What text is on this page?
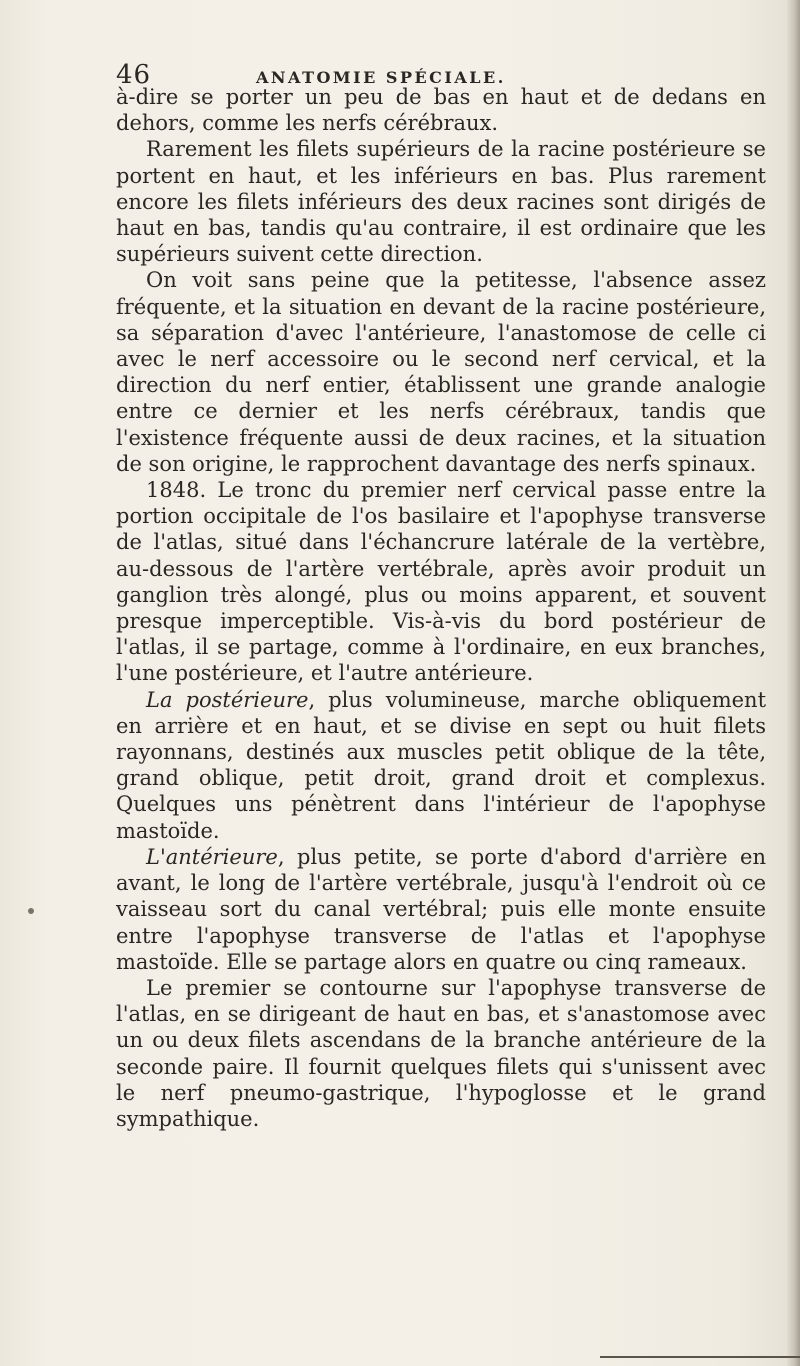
46	ANATOMIE SPÉCIALE.

à-dire se porter un peu de bas en haut et de dedans en dehors, comme les nerfs cérébraux.

Rarement les filets supérieurs de la racine postérieure se portent en haut, et les inférieurs en bas. Plus rarement encore les filets inférieurs des deux racines sont dirigés de haut en bas, tandis qu'au contraire, il est ordinaire que les supérieurs suivent cette direction.

On voit sans peine que la petitesse, l'absence assez fréquente, et la situation en devant de la racine postérieure, sa séparation d'avec l'antérieure, l'anastomose de celle ci avec le nerf accessoire ou le second nerf cervical, et la direction du nerf entier, établissent une grande analogie entre ce dernier et les nerfs cérébraux, tandis que l'existence fréquente aussi de deux racines, et la situation de son origine, le rapprochent davantage des nerfs spinaux.

1848. Le tronc du premier nerf cervical passe entre la portion occipitale de l'os basilaire et l'apophyse transverse de l'atlas, situé dans l'échancrure latérale de la vertèbre, au-dessous de l'artère vertébrale, après avoir produit un ganglion très alongé, plus ou moins apparent, et souvent presque imperceptible. Vis-à-vis du bord postérieur de l'atlas, il se partage, comme à l'ordinaire, en eux branches, l'une postérieure, et l'autre antérieure.

La postérieure, plus volumineuse, marche obliquement en arrière et en haut, et se divise en sept ou huit filets rayonnans, destinés aux muscles petit oblique de la tête, grand oblique, petit droit, grand droit et complexus. Quelques uns pénètrent dans l'intérieur de l'apophyse mastoïde.

L'antérieure, plus petite, se porte d'abord d'arrière en avant, le long de l'artère vertébrale, jusqu'à l'endroit où ce vaisseau sort du canal vertébral; puis elle monte ensuite entre l'apophyse transverse de l'atlas et l'apophyse mastoïde. Elle se partage alors en quatre ou cinq rameaux.

Le premier se contourne sur l'apophyse transverse de l'atlas, en se dirigeant de haut en bas, et s'anastomose avec un ou deux filets ascendans de la branche antérieure de la seconde paire. Il fournit quelques filets qui s'unissent avec le nerf pneumo-gastrique, l'hypoglosse et le grand sympathique.
